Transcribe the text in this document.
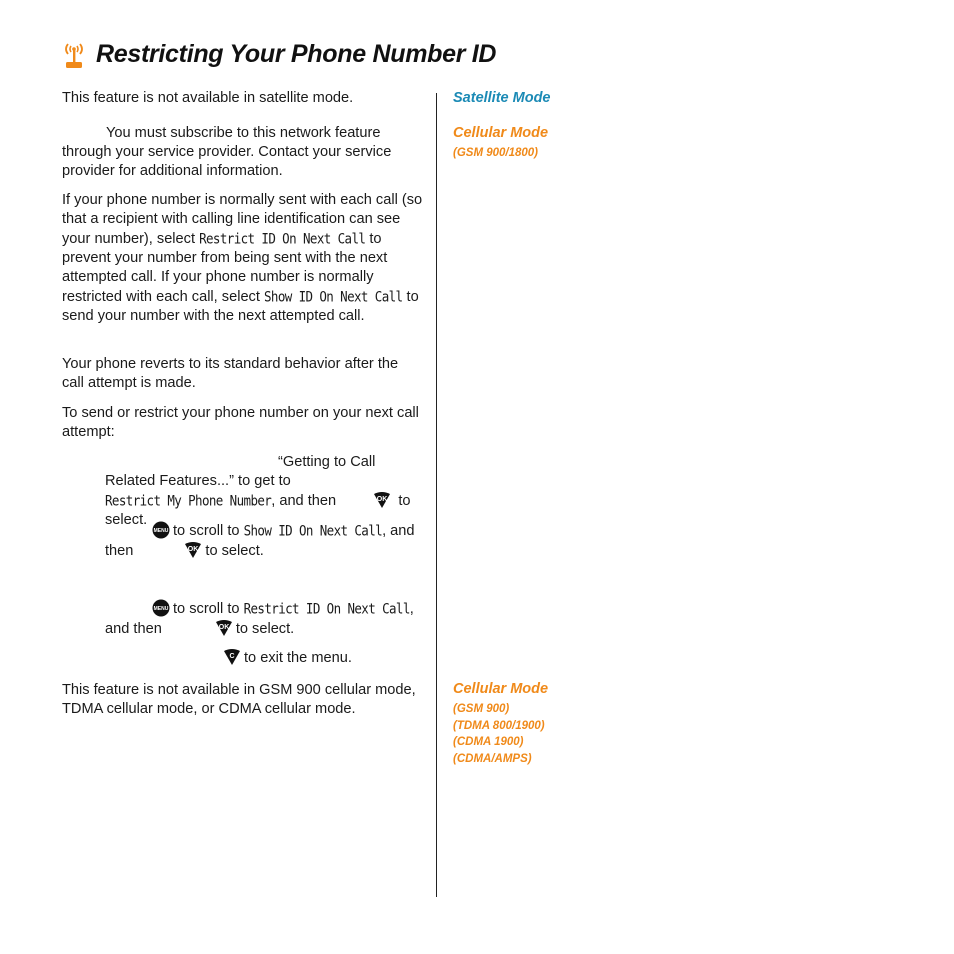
Restricting Your Phone Number ID

This feature is not available in satellite mode.

You must subscribe to this network feature through your service provider. Contact your service provider for additional information.

If your phone number is normally sent with each call (so that a recipient with calling line identification can see your number), select Restrict ID On Next Call to prevent your number from being sent with the next attempted call. If your phone number is normally restricted with each call, select Show ID On Next Call to send your number with the next attempted call.

Your phone reverts to its standard behavior after the call attempt is made.

To send or restrict your phone number on your next call attempt:

“Getting to Call
Related Features...” to get to Restrict My Phone Number, and then	OK to select.
MENU to scroll to Show ID On Next Call, and
then	OK to select.
MENU to scroll to Restrict ID On Next Call,
and then	OK to select.
C to exit the menu.

This feature is not available in GSM 900 cellular mode, TDMA cellular mode, or CDMA cellular mode.

Satellite Mode
Cellular Mode
(GSM 900/1800)
Cellular Mode
(GSM 900)
(TDMA 800/1900)
(CDMA 1900)
(CDMA/AMPS)
